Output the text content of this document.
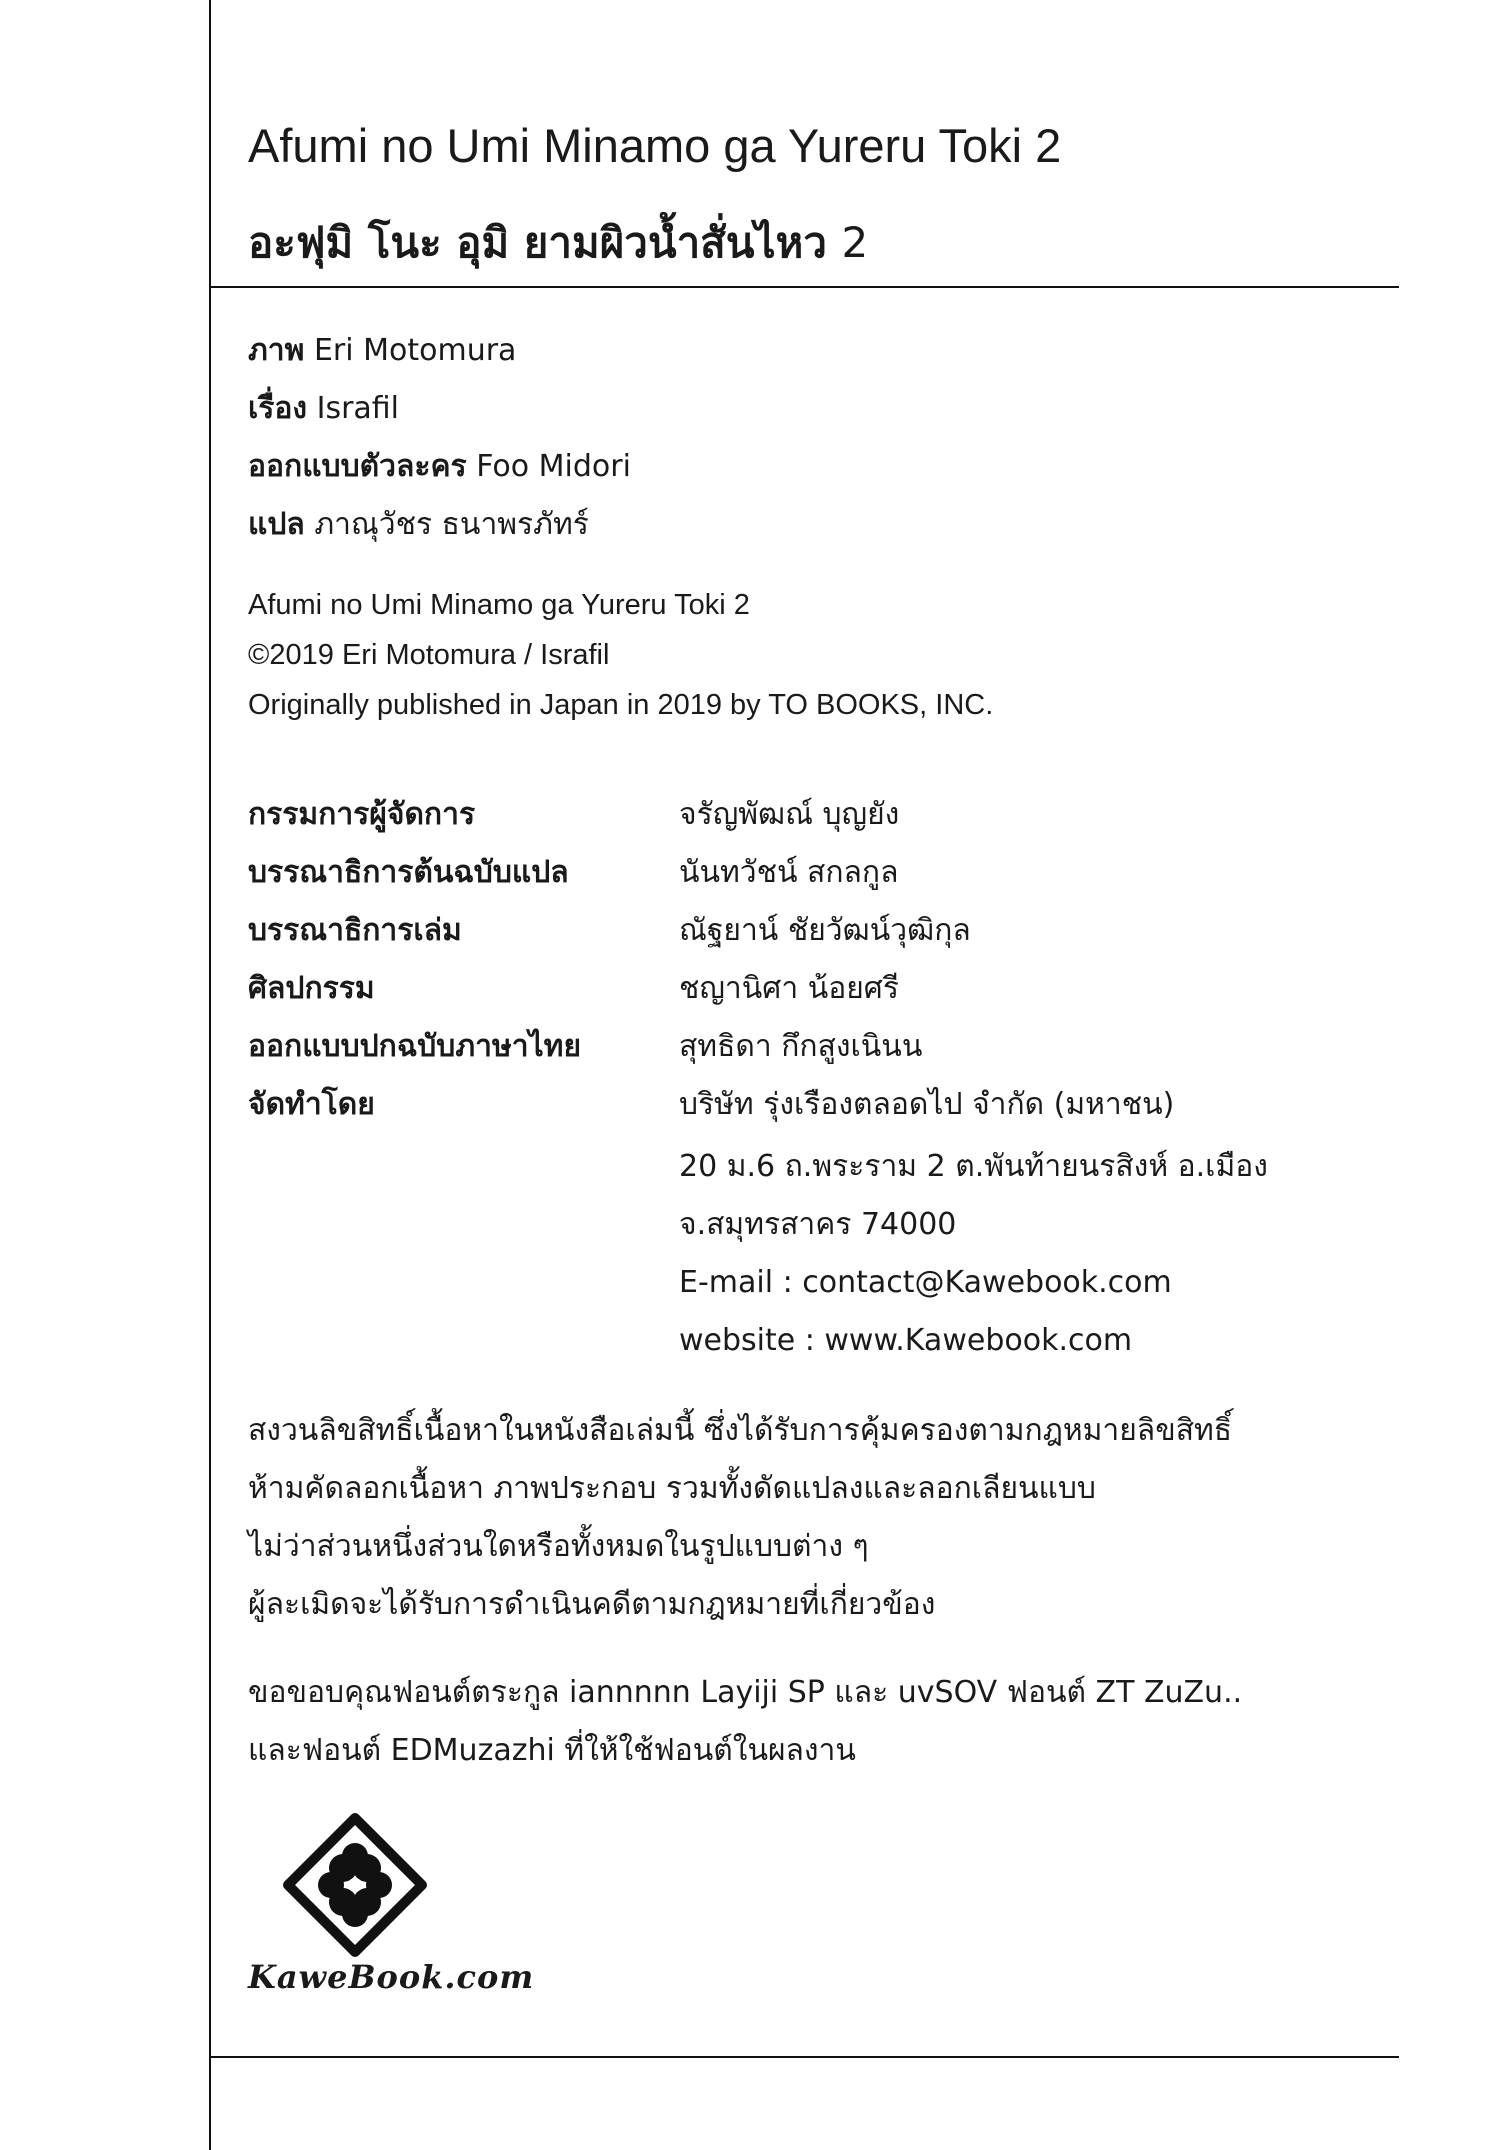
Afumi no Umi Minamo ga Yureru Toki 2
อะฟุมิ โนะ อุมิ ยามผิวน้ำสั่นไหว 2
ภาพ Eri Motomura
เรื่อง Israfil
ออกแบบตัวละคร Foo Midori
แปล ภาณุวัชร ธนาพรภัทร์
Afumi no Umi Minamo ga Yureru Toki 2
©2019 Eri Motomura / Israfil
Originally published in Japan in 2019 by TO BOOKS, INC.
กรรมการผู้จัดการ	จรัญพัฒณ์ บุญยัง
บรรณาธิการต้นฉบับแปล	นันทวัชน์ สกลกูล
บรรณาธิการเล่ม	ณัฐยาน์ ชัยวัฒน์วุฒิกุล
ศิลปกรรม	ชญานิศา น้อยศรี
ออกแบบปกฉบับภาษาไทย	สุทธิดา กึกสูงเนินน
จัดทำโดย	บริษัท รุ่งเรืองตลอดไป จำกัด (มหาชน)
20 ม.6 ถ.พระราม 2 ต.พันท้ายนรสิงห์ อ.เมือง
จ.สมุทรสาคร 74000
E-mail : contact@Kawebook.com
website : www.Kawebook.com
สงวนลิขสิทธิ์เนื้อหาในหนังสือเล่มนี้ ซึ่งได้รับการคุ้มครองตามกฎหมายลิขสิทธิ์
ห้ามคัดลอกเนื้อหา ภาพประกอบ รวมทั้งดัดแปลงและลอกเลียนแบบ
ไม่ว่าส่วนหนึ่งส่วนใดหรือทั้งหมดในรูปแบบต่าง ๆ
ผู้ละเมิดจะได้รับการดำเนินคดีตามกฎหมายที่เกี่ยวข้อง
ขอขอบคุณฟอนต์ตระกูล iannnnn Layiji SP และ uvSOV ฟอนต์ ZT ZuZu..
และฟอนต์ EDMuzazhi ที่ให้ใช้ฟอนต์ในผลงาน
KaweBook.com
